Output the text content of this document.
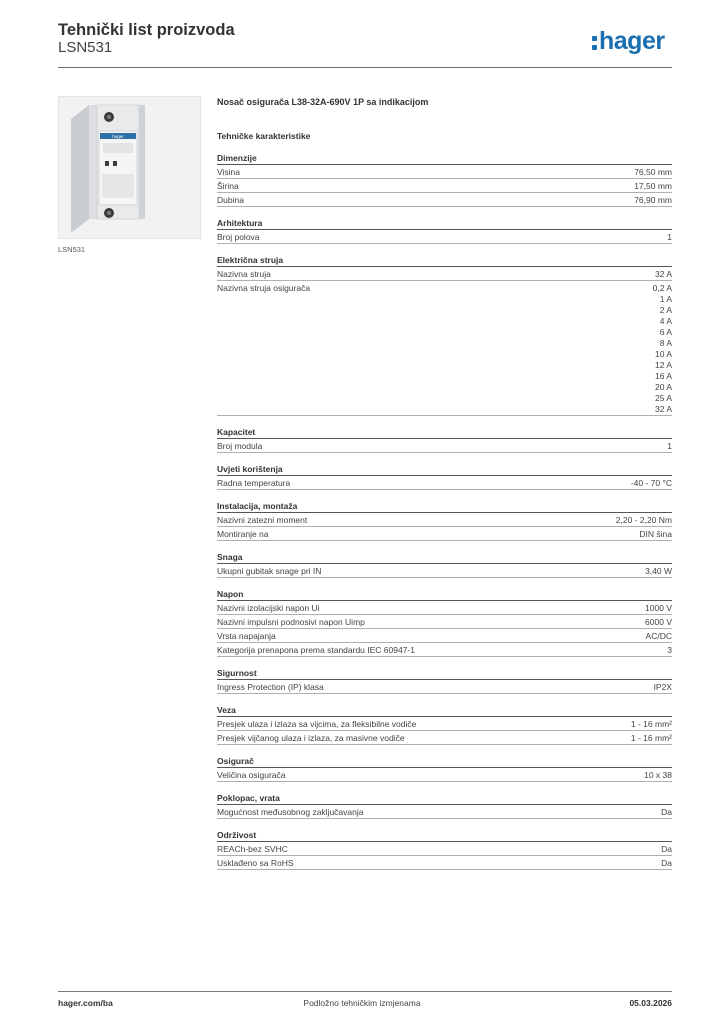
Tehnički list proizvoda
LSN531	hager
hager
LSN531
Nosač osigurača L38-32A-690V 1P sa indikacijom
Tehničke karakteristike
Dimenzije
Visina	76,50 mm
Širina	17,50 mm
Dubina	76,90 mm
Arhitektura
Broj polova	1
Električna struja
Nazivna struja	32 A
Nazivna struja osigurača	0,2 A
1 A
2 A
4 A
6 A
8 A
10 A
12 A
16 A
20 A
25 A
32 A
Kapacitet
Broj modula	1
Uvjeti korištenja
Radna temperatura	-40 - 70 °C
Instalacija, montaža
Nazivni zatezni moment	2,20 - 2,20 Nm
Montiranje na	DIN šina
Snaga
Ukupni gubitak snage pri IN	3,40 W
Napon
Nazivni izolacijski napon Ui	1000 V
Nazivni impulsni podnosivi napon Uimp	6000 V
Vrsta napajanja	AC/DC
Kategorija prenapona prema standardu IEC 60947-1	3
Sigurnost
Ingress Protection (IP) klasa	IP2X
Veza
Presjek ulaza i izlaza sa vijcima, za fleksibilne vodiče	1 - 16 mm²
Presjek vijčanog ulaza i izlaza, za masivne vodiče	1 - 16 mm²
Osigurač
Veličina osigurača	10 x 38
Poklopac, vrata
Mogućnost međusobnog zaključavanja	Da
Održivost
REACh-bez SVHC	Da
Usklađeno sa RoHS	Da
hager.com/ba	Podložno tehničkim izmjenama	05.03.2026
